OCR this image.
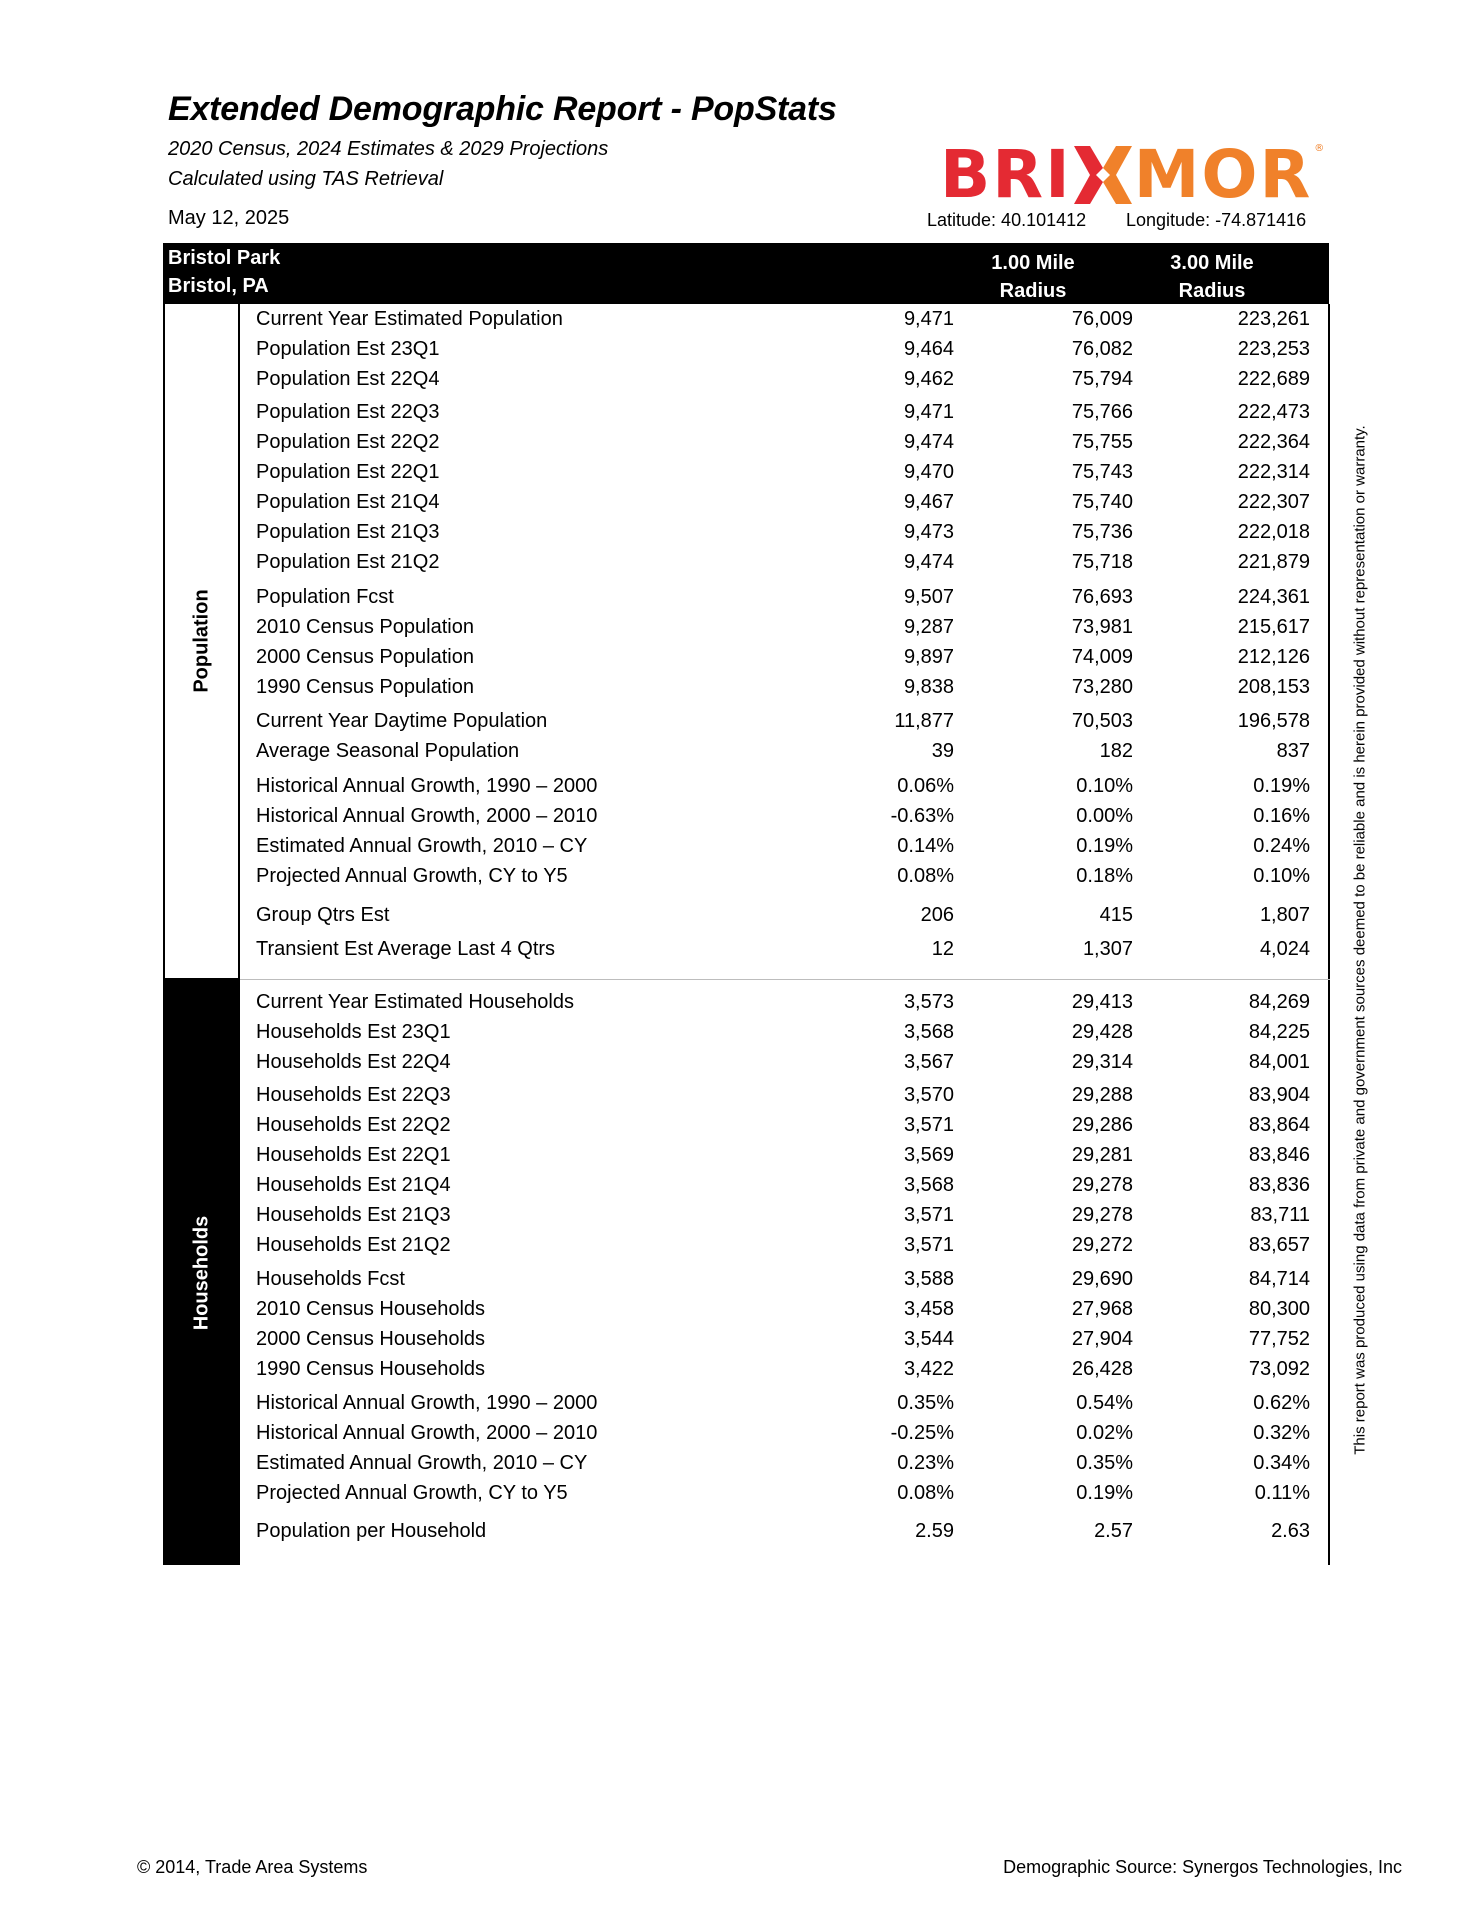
Extended Demographic Report - PopStats
2020 Census, 2024 Estimates & 2029 Projections
Calculated using TAS Retrieval
May 12, 2025
BRI MOR ®
Latitude: 40.101412 Longitude: -74.871416
Bristol Park
Bristol, PA
1.00 Mile
Radius
3.00 Mile
Radius
5.00 Mile
Radius
Population
Households
Current Year Estimated Population	9,471	76,009	223,261
Population Est 23Q1	9,464	76,082	223,253
Population Est 22Q4	9,462	75,794	222,689
Population Est 22Q3	9,471	75,766	222,473
Population Est 22Q2	9,474	75,755	222,364
Population Est 22Q1	9,470	75,743	222,314
Population Est 21Q4	9,467	75,740	222,307
Population Est 21Q3	9,473	75,736	222,018
Population Est 21Q2	9,474	75,718	221,879
Population Fcst	9,507	76,693	224,361
2010 Census Population	9,287	73,981	215,617
2000 Census Population	9,897	74,009	212,126
1990 Census Population	9,838	73,280	208,153
Current Year Daytime Population	11,877	70,503	196,578
Average Seasonal Population	39	182	837
Historical Annual Growth, 1990 – 2000	0.06%	0.10%	0.19%
Historical Annual Growth, 2000 – 2010	-0.63%	0.00%	0.16%
Estimated Annual Growth, 2010 – CY	0.14%	0.19%	0.24%
Projected Annual Growth, CY to Y5	0.08%	0.18%	0.10%
Group Qtrs Est	206	415	1,807
Transient Est Average Last 4 Qtrs	12	1,307	4,024
Current Year Estimated Households	3,573	29,413	84,269
Households Est 23Q1	3,568	29,428	84,225
Households Est 22Q4	3,567	29,314	84,001
Households Est 22Q3	3,570	29,288	83,904
Households Est 22Q2	3,571	29,286	83,864
Households Est 22Q1	3,569	29,281	83,846
Households Est 21Q4	3,568	29,278	83,836
Households Est 21Q3	3,571	29,278	83,711
Households Est 21Q2	3,571	29,272	83,657
Households Fcst	3,588	29,690	84,714
2010 Census Households	3,458	27,968	80,300
2000 Census Households	3,544	27,904	77,752
1990 Census Households	3,422	26,428	73,092
Historical Annual Growth, 1990 – 2000	0.35%	0.54%	0.62%
Historical Annual Growth, 2000 – 2010	-0.25%	0.02%	0.32%
Estimated Annual Growth, 2010 – CY	0.23%	0.35%	0.34%
Projected Annual Growth, CY to Y5	0.08%	0.19%	0.11%
Population per Household	2.59	2.57	2.63
This report was produced using data from private and government sources deemed to be reliable and is herein provided without representation or warranty.
© 2014, Trade Area Systems	Demographic Source: Synergos Technologies, Inc
